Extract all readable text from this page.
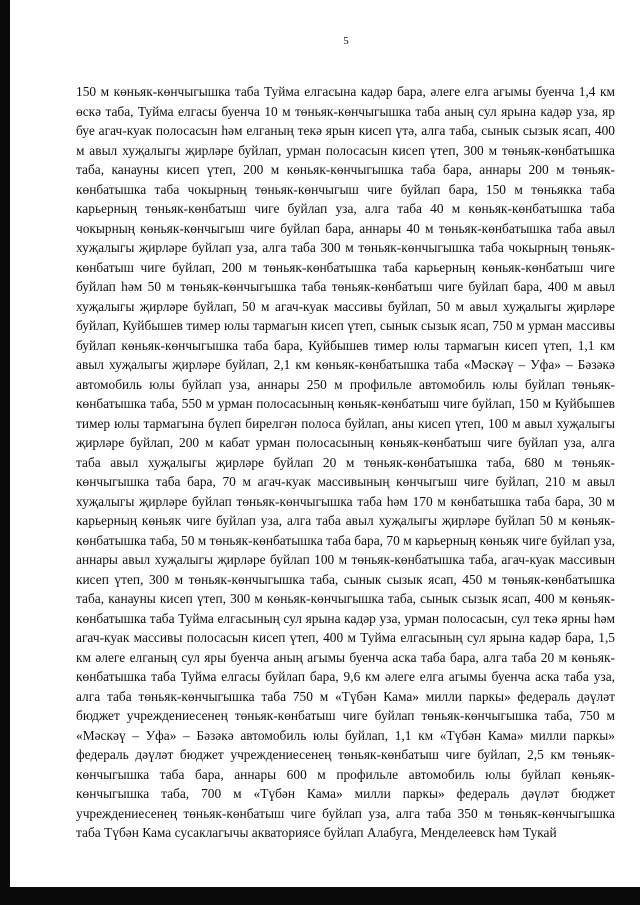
5

150 м көньяк-көнчыгышка таба Туйма елгасына кадәр бара, әлеге елга агымы буенча 1,4 км өскә таба, Туйма елгасы буенча 10 м төньяк-көнчыгышка таба аның сул ярына кадәр уза, яр буе агач-куак полосасын һәм елганың текә ярын кисеп үтә, алга таба, сынык сызык ясап, 400 м авыл хуҗалыгы җирләре буйлап, урман полосасын кисеп үтеп, 300 м төньяк-көнбатышка таба, канауны кисеп үтеп, 200 м көньяк-көнчыгышка таба бара, аннары 200 м төньяк-көнбатышка таба чокырның төньяк-көнчыгыш чиге буйлап бара, 150 м төньякка таба карьерның төньяк-көнбатыш чиге буйлап уза, алга таба 40 м көньяк-көнбатышка таба чокырның көньяк-көнчыгыш чиге буйлап бара, аннары 40 м төньяк-көнбатышка таба авыл хуҗалыгы җирләре буйлап уза, алга таба 300 м төньяк-көнчыгышка таба чокырның төньяк-көнбатыш чиге буйлап, 200 м төньяк-көнбатышка таба карьерның көньяк-көнбатыш чиге буйлап һәм 50 м төньяк-көнчыгышка таба төньяк-көнбатыш чиге буйлап бара, 400 м авыл хуҗалыгы җирләре буйлап, 50 м агач-куак массивы буйлап, 50 м авыл хуҗалыгы җирләре буйлап, Куйбышев тимер юлы тармагын кисеп үтеп, сынык сызык ясап, 750 м урман массивы буйлап көньяк-көнчыгышка таба бара, Куйбышев тимер юлы тармагын кисеп үтеп, 1,1 км авыл хуҗалыгы җирләре буйлап, 2,1 км көньяк-көнбатышка таба «Мәскәү – Уфа» – Бәзәкә автомобиль юлы буйлап уза, аннары 250 м профильле автомобиль юлы буйлап төньяк-көнбатышка таба, 550 м урман полосасының көньяк-көнбатыш чиге буйлап, 150 м Куйбышев тимер юлы тармагына бүлеп бирелгән полоса буйлап, аны кисеп үтеп, 100 м авыл хуҗалыгы җирләре буйлап, 200 м кабат урман полосасының көньяк-көнбатыш чиге буйлап уза, алга таба авыл хуҗалыгы җирләре буйлап 20 м төньяк-көнбатышка таба, 680 м төньяк-көнчыгышка таба бара, 70 м агач-куак массивының көнчыгыш чиге буйлап, 210 м авыл хуҗалыгы җирләре буйлап төньяк-көнчыгышка таба һәм 170 м көнбатышка таба бара, 30 м карьерның көньяк чиге буйлап уза, алга таба авыл хуҗалыгы җирләре буйлап 50 м көньяк-көнбатышка таба, 50 м төньяк-көнбатышка таба бара, 70 м карьерның көньяк чиге буйлап уза, аннары авыл хуҗалыгы җирләре буйлап 100 м төньяк-көнбатышка таба, агач-куак массивын кисеп үтеп, 300 м төньяк-көнчыгышка таба, сынык сызык ясап, 450 м төньяк-көнбатышка таба, канауны кисеп үтеп, 300 м көньяк-көнчыгышка таба, сынык сызык ясап, 400 м көньяк-көнбатышка таба Туйма елгасының сул ярына кадәр уза, урман полосасын, сул текә ярны һәм агач-куак массивы полосасын кисеп үтеп, 400 м Туйма елгасының сул ярына кадәр бара, 1,5 км әлеге елганың сул яры буенча аның агымы буенча аска таба бара, алга таба 20 м көньяк-көнбатышка таба Туйма елгасы буйлап бара, 9,6 км әлеге елга агымы буенча аска таба уза, алга таба төньяк-көнчыгышка таба 750 м «Түбән Кама» милли паркы» федераль дәүләт бюджет учреждениесенең төньяк-көнбатыш чиге буйлап төньяк-көнчыгышка таба, 750 м «Мәскәү – Уфа» – Бәзәкә автомобиль юлы буйлап, 1,1 км «Түбән Кама» милли паркы» федераль дәүләт бюджет учреждениесенең төньяк-көнбатыш чиге буйлап, 2,5 км төньяк-көнчыгышка таба бара, аннары 600 м профильле автомобиль юлы буйлап көньяк-көнчыгышка таба, 700 м «Түбән Кама» милли паркы» федераль дәүләт бюджет учреждениесенең төньяк-көнбатыш чиге буйлап уза, алга таба 350 м төньяк-көнчыгышка таба Түбән Кама сусаклагычы акваториясе буйлап Алабуга, Менделеевск һәм Тукай
